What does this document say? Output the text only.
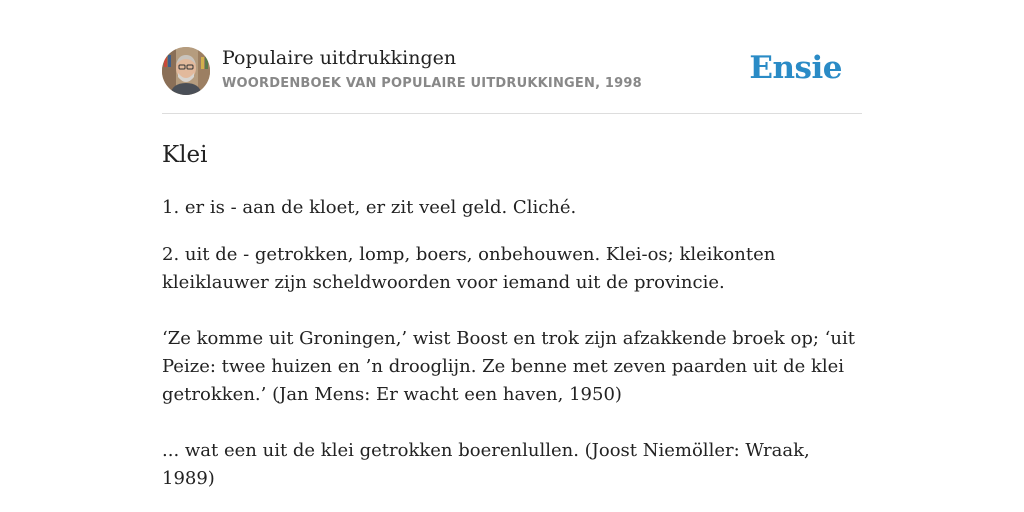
Populaire uitdrukkingen
WOORDENBOEK VAN POPULAIRE UITDRUKKINGEN, 1998	Ensie
Klei

1. er is - aan de kloet, er zit veel geld. Cliché.

2. uit de - getrokken, lomp, boers, onbehouwen. Klei-os; kleikonten kleiklauwer zijn scheldwoorden voor iemand uit de provincie.

‘Ze komme uit Groningen,’ wist Boost en trok zijn afzakkende broek op; ‘uit Peize: twee huizen en ’n drooglijn. Ze benne met zeven paarden uit de klei getrokken.’ (Jan Mens: Er wacht een haven, 1950)

... wat een uit de klei getrokken boerenlullen. (Joost Niemöller: Wraak, 1989)
